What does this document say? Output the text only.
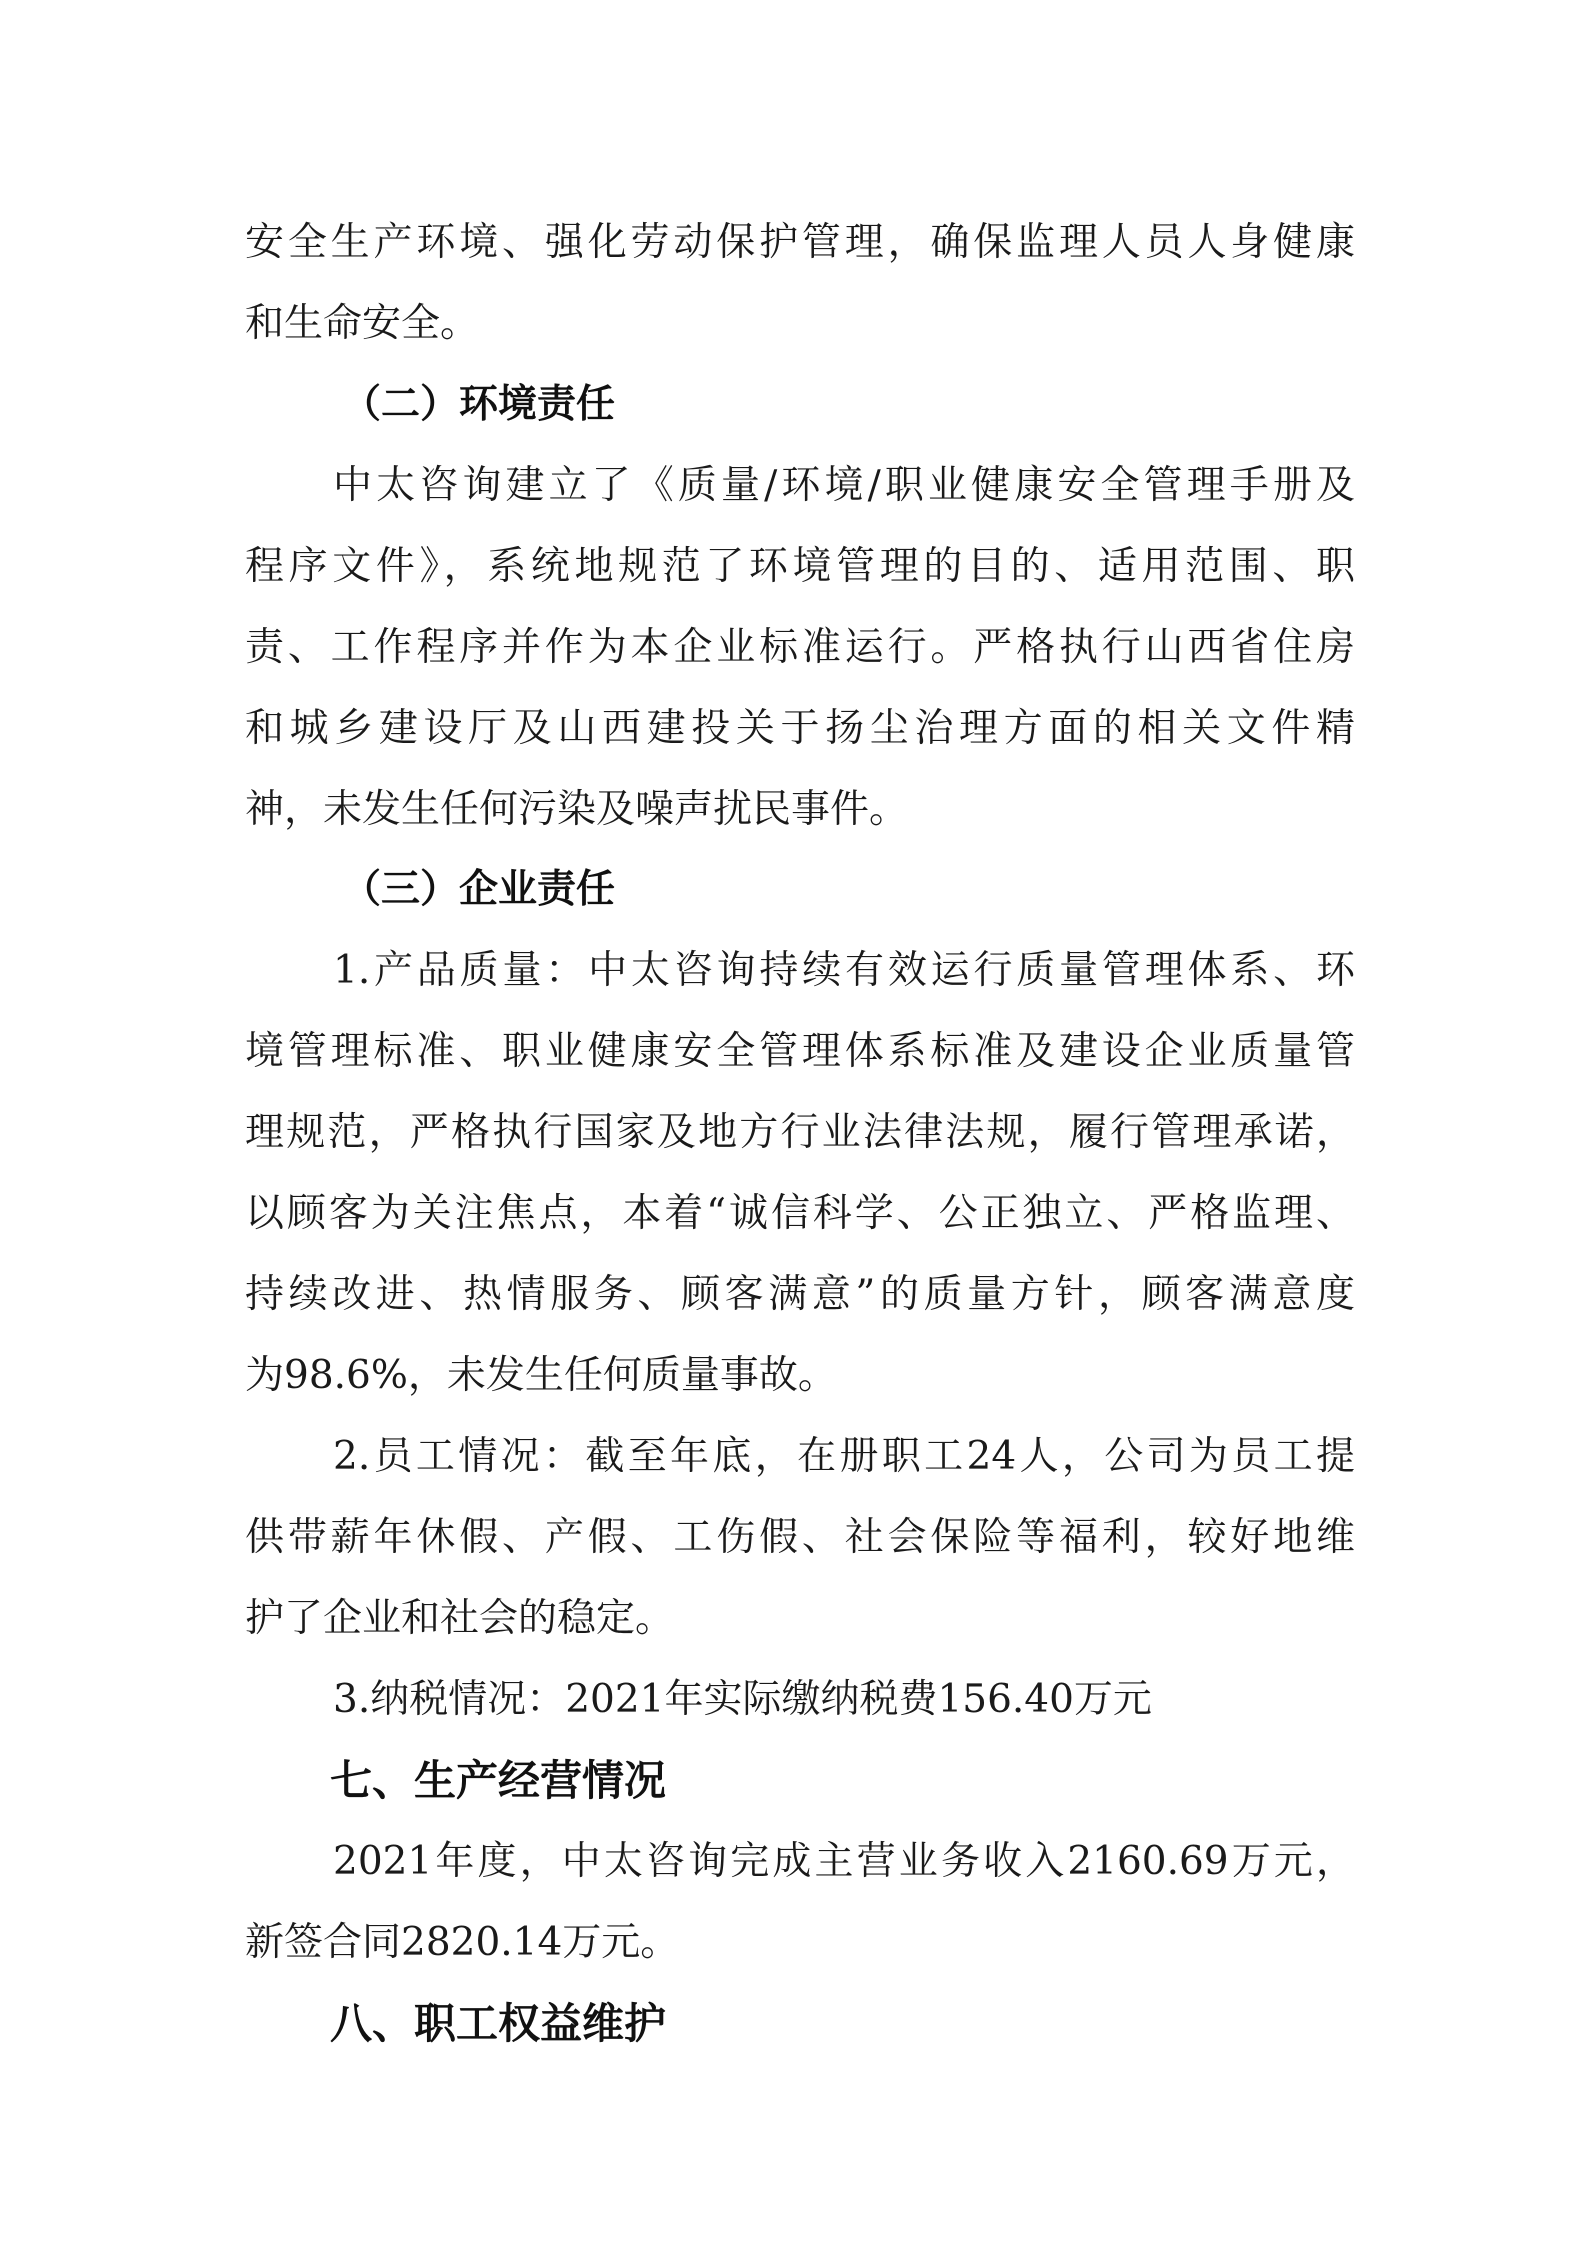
安全生产环境、强化劳动保护管理，确保监理人员人身健康
和生命安全。
（二）环境责任
中太咨询建立了《质量/环境/职业健康安全管理手册及
程序文件》，系统地规范了环境管理的目的、适用范围、职
责、工作程序并作为本企业标准运行。严格执行山西省住房
和城乡建设厅及山西建投关于扬尘治理方面的相关文件精
神，未发生任何污染及噪声扰民事件。
（三）企业责任
1.产品质量：中太咨询持续有效运行质量管理体系、环
境管理标准、职业健康安全管理体系标准及建设企业质量管
理规范，严格执行国家及地方行业法律法规，履行管理承诺，
以顾客为关注焦点，本着“诚信科学、公正独立、严格监理、
持续改进、热情服务、顾客满意”的质量方针，顾客满意度
为98.6%，未发生任何质量事故。
2.员工情况：截至年底，在册职工24人，公司为员工提
供带薪年休假、产假、工伤假、社会保险等福利，较好地维
护了企业和社会的稳定。
3.纳税情况：2021年实际缴纳税费156.40万元
七、生产经营情况
2021年度，中太咨询完成主营业务收入2160.69万元，
新签合同2820.14万元。
八、职工权益维护
